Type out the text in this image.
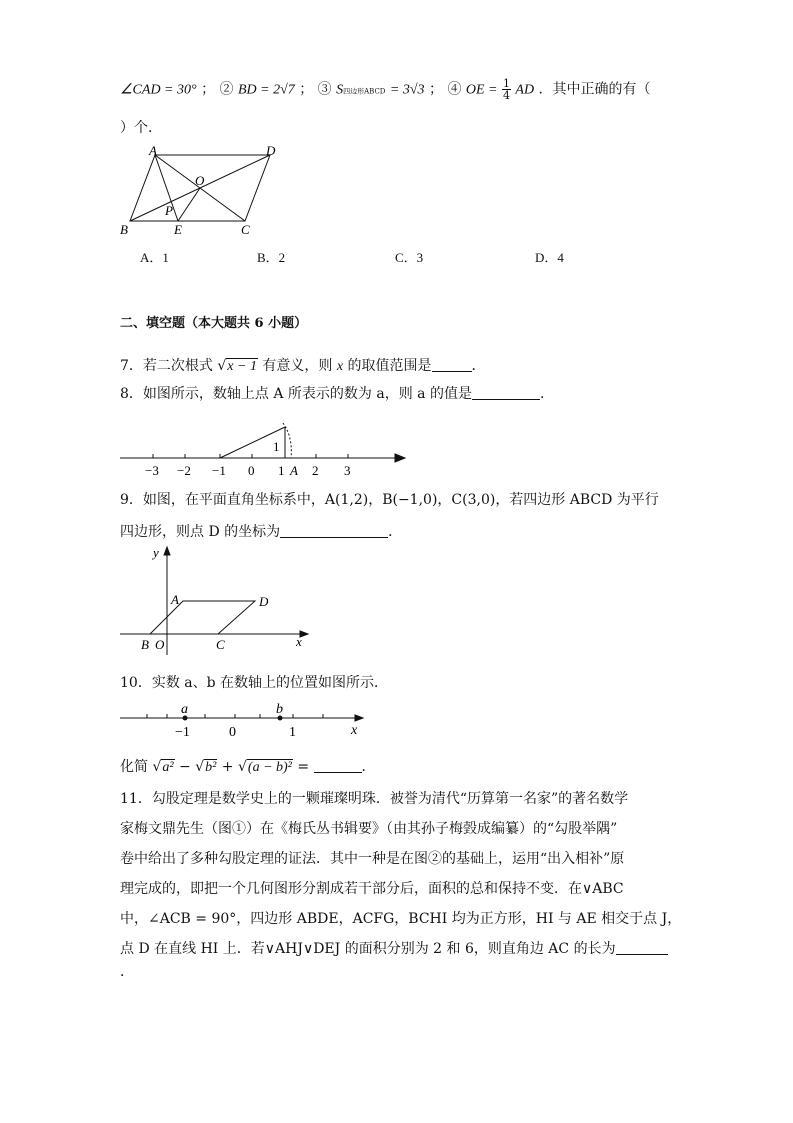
∠CAD = 30° ； ② BD = 2√7 ； ③ S四边形ABCD = 3√3 ； ④ OE = $\frac{1}{4}$ AD ．其中正确的有（
）个．
A	D
O
P
B	E	C
A．1	B．2	C．3	D．4
二、填空题（本大题共 6 小题）
7．若二次根式 √x − 1 有意义，则 x 的取值范围是	．
8．如图所示，数轴上点 A 所表示的数为 a，则 a 的值是	．
−3 −2 −1 0 1 2 3
1
A
9．如图，在平面直角坐标系中，A(1,2)，B(−1,0)，C(3,0)，若四边形 ABCD 为平行
四边形，则点 D 的坐标为	．
y
x
A	D
B O	C
10．实数 a、b 在数轴上的位置如图所示．
a	b
−1	0	1	x
化简 √a² − √b² + √(a − b)² =	．
11．勾股定理是数学史上的一颗璀璨明珠．被誉为清代“历算第一名家”的著名数学
家梅文鼎先生（图①）在《梅氏丛书辑要》（由其孙子梅瑴成编纂）的“勾股举隅”
卷中给出了多种勾股定理的证法．其中一种是在图②的基础上，运用“出入相补”原
理完成的，即把一个几何图形分割成若干部分后，面积的总和保持不变．在∨ABC
中，∠ACB = 90°，四边形 ABDE，ACFG，BCHI 均为正方形，HI 与 AE 相交于点 J，
点 D 在直线 HI 上．若∨AHJ∨DEJ 的面积分别为 2 和 6，则直角边 AC 的长为
．
